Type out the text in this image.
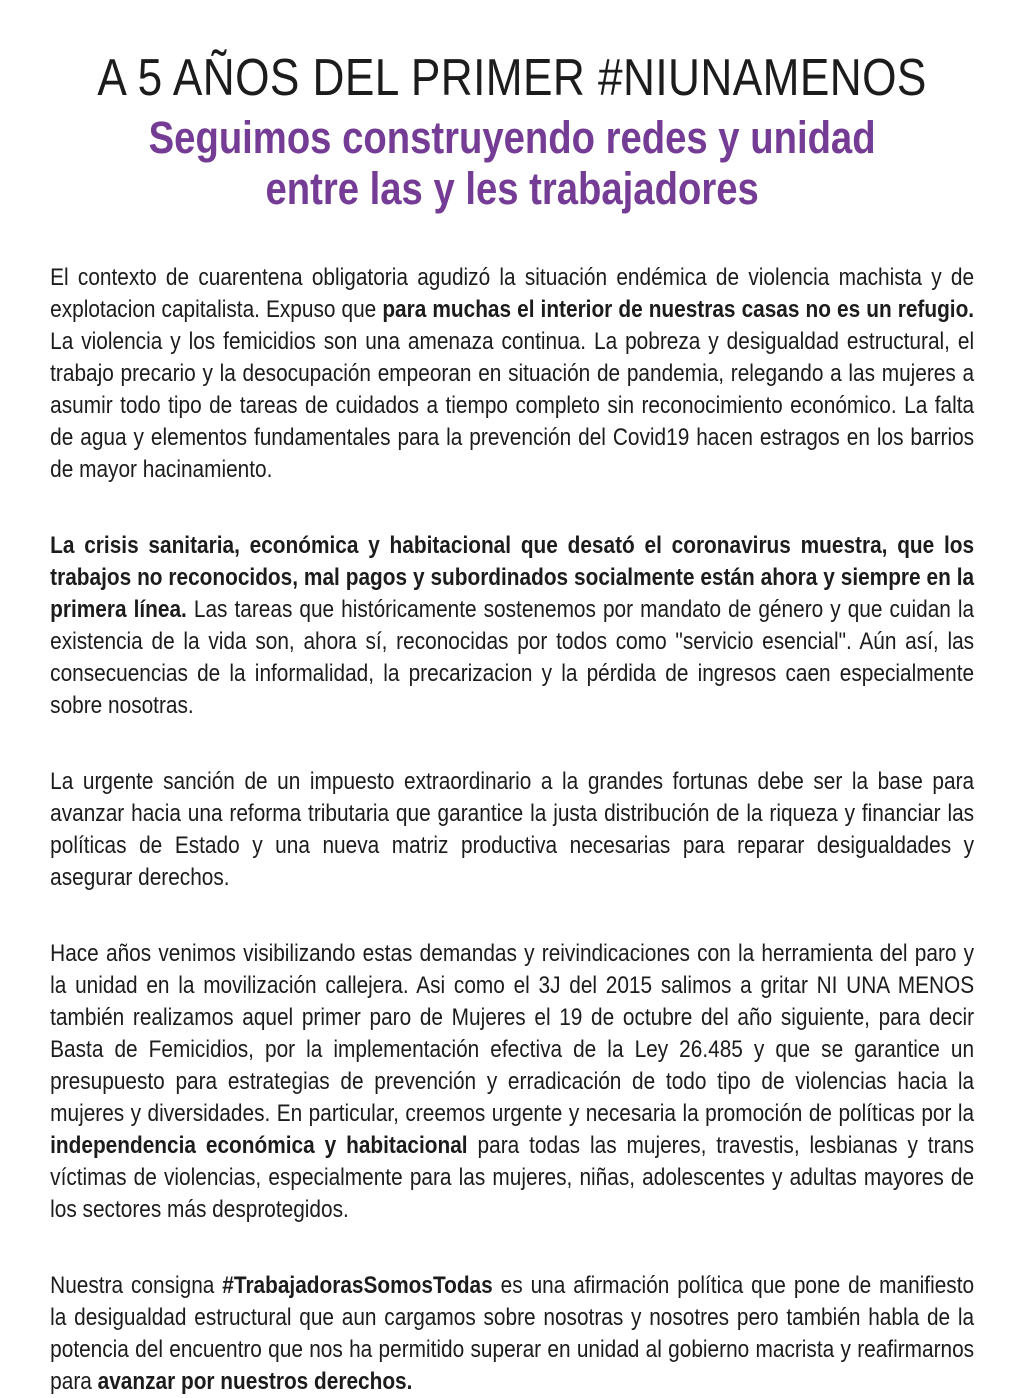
A 5 AÑOS DEL PRIMER #NIUNAMENOS
Seguimos construyendo redes y unidad
entre las y les trabajadores

El contexto de cuarentena obligatoria agudizó la situación endémica de violencia machista y de explotacion capitalista. Expuso que para muchas el interior de nuestras casas no es un refugio. La violencia y los femicidios son una amenaza continua. La pobreza y desigualdad estructural, el trabajo precario y la desocupación empeoran en situación de pandemia, relegando a las mujeres a asumir todo tipo de tareas de cuidados a tiempo completo sin reconocimiento económico. La falta de agua y elementos fundamentales para la prevención del Covid19 hacen estragos en los barrios de mayor hacinamiento.

La crisis sanitaria, económica y habitacional que desató el coronavirus muestra, que los trabajos no reconocidos, mal pagos y subordinados socialmente están ahora y siempre en la primera línea. Las tareas que históricamente sostenemos por mandato de género y que cuidan la existencia de la vida son, ahora sí, reconocidas por todos como "servicio esencial". Aún así, las consecuencias de la informalidad, la precarizacion y la pérdida de ingresos caen especialmente sobre nosotras.

La urgente sanción de un impuesto extraordinario a la grandes fortunas debe ser la base para avanzar hacia una reforma tributaria que garantice la justa distribución de la riqueza y financiar las políticas de Estado y una nueva matriz productiva necesarias para reparar desigualdades y asegurar derechos.

Hace años venimos visibilizando estas demandas y reivindicaciones con la herramienta del paro y la unidad en la movilización callejera. Asi como el 3J del 2015 salimos a gritar NI UNA MENOS también realizamos aquel primer paro de Mujeres el 19 de octubre del año siguiente, para decir Basta de Femicidios, por la implementación efectiva de la Ley 26.485 y que se garantice un presupuesto para estrategias de prevención y erradicación de todo tipo de violencias hacia la mujeres y diversidades. En particular, creemos urgente y necesaria la promoción de políticas por la independencia económica y habitacional para todas las mujeres, travestis, lesbianas y trans víctimas de violencias, especialmente para las mujeres, niñas, adolescentes y adultas mayores de los sectores más desprotegidos.

Nuestra consigna #TrabajadorasSomosTodas es una afirmación política que pone de manifiesto la desigualdad estructural que aun cargamos sobre nosotras y nosotres pero también habla de la potencia del encuentro que nos ha permitido superar en unidad al gobierno macrista y reafirmarnos para avanzar por nuestros derechos.
